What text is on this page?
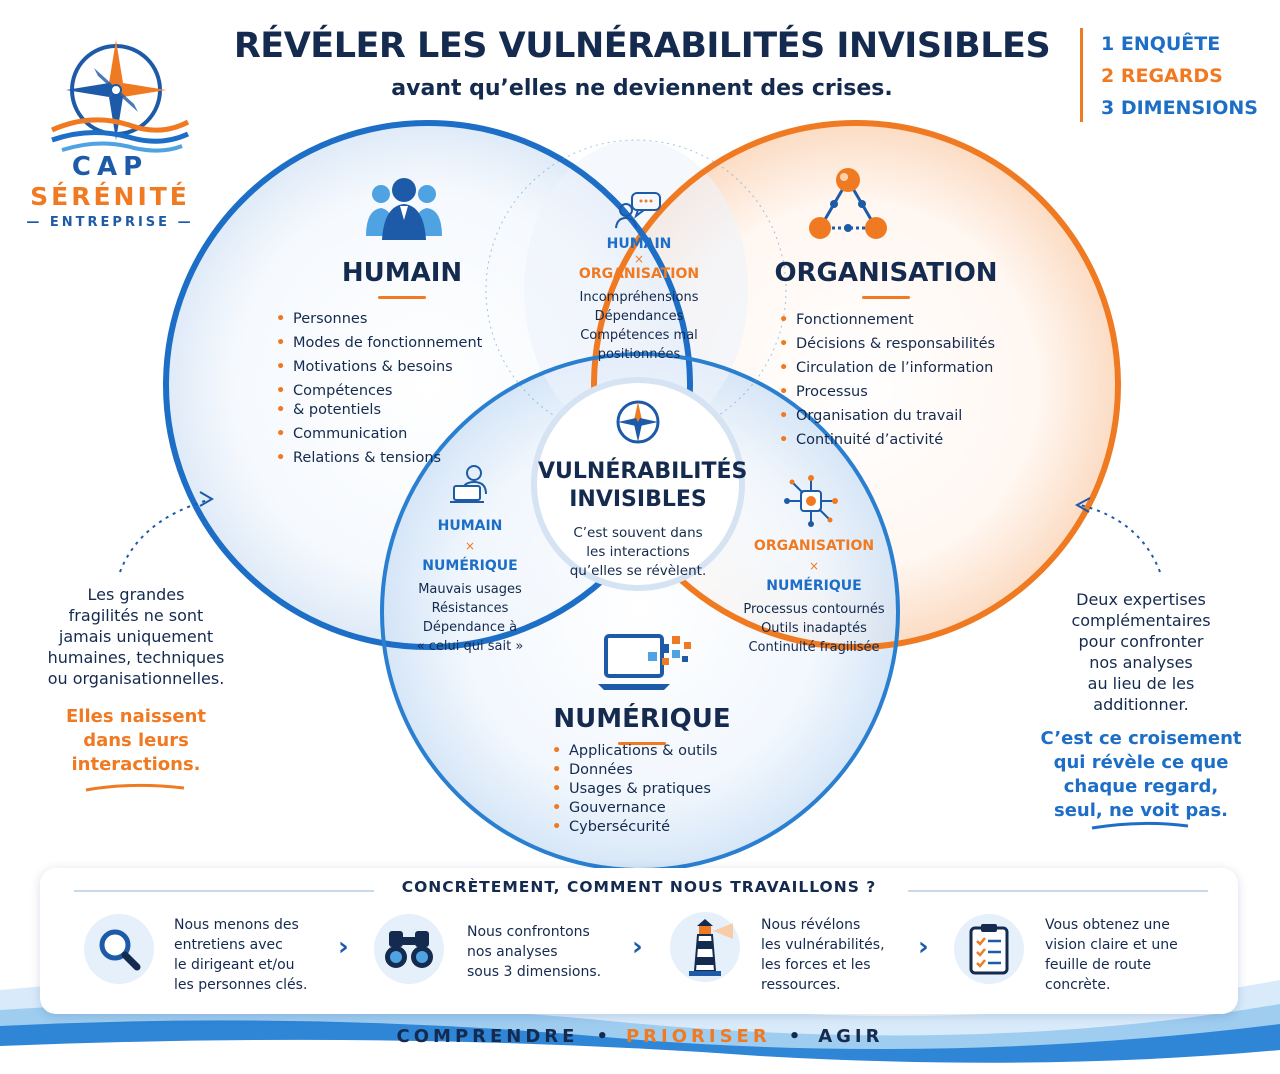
CAP
SÉRÉNITÉ
— ENTREPRISE —
RÉVÉLER LES VULNÉRABILITÉS INVISIBLES
avant qu’elles ne deviennent des crises.
1 ENQUÊTE
2 REGARDS
3 DIMENSIONS
HUMAIN
• Personnes
• Modes de fonctionnement
• Motivations & besoins
• Compétences
• & potentiels
• Communication
• Relations & tensions
ORGANISATION
• Fonctionnement
• Décisions & responsabilités
• Circulation de l’information
• Processus
• Organisation du travail
• Continuité d’activité
HUMAIN
×
ORGANISATION
Incompréhensions
Dépendances
Compétences mal
positionnées
VULNÉRABILITÉS
INVISIBLES
C’est souvent dans
les interactions
qu’elles se révèlent.
HUMAIN
×
NUMÉRIQUE
Mauvais usages
Résistances
Dépendance à
« celui qui sait »
ORGANISATION
×
NUMÉRIQUE
Processus contournés
Outils inadaptés
Continuité fragilisée
NUMÉRIQUE
• Applications & outils
• Données
• Usages & pratiques
• Gouvernance
• Cybersécurité
Les grandes
fragilités ne sont
jamais uniquement
humaines, techniques
ou organisationnelles.
Elles naissent
dans leurs
interactions.
Deux expertises
complémentaires
pour confronter
nos analyses
au lieu de les
additionner.
C’est ce croisement
qui révèle ce que
chaque regard,
seul, ne voit pas.
CONCRÈTEMENT, COMMENT NOUS TRAVAILLONS ?
Nous menons des
entretiens avec
le dirigeant et/ou
les personnes clés.
›	Nous confrontons
nos analyses
sous 3 dimensions.
›
Nous révélons
les vulnérabilités,
les forces et les
ressources.
›
Vous obtenez une
vision claire et une
feuille de route
concrète.
COMPRENDRE • PRIORISER • AGIR
